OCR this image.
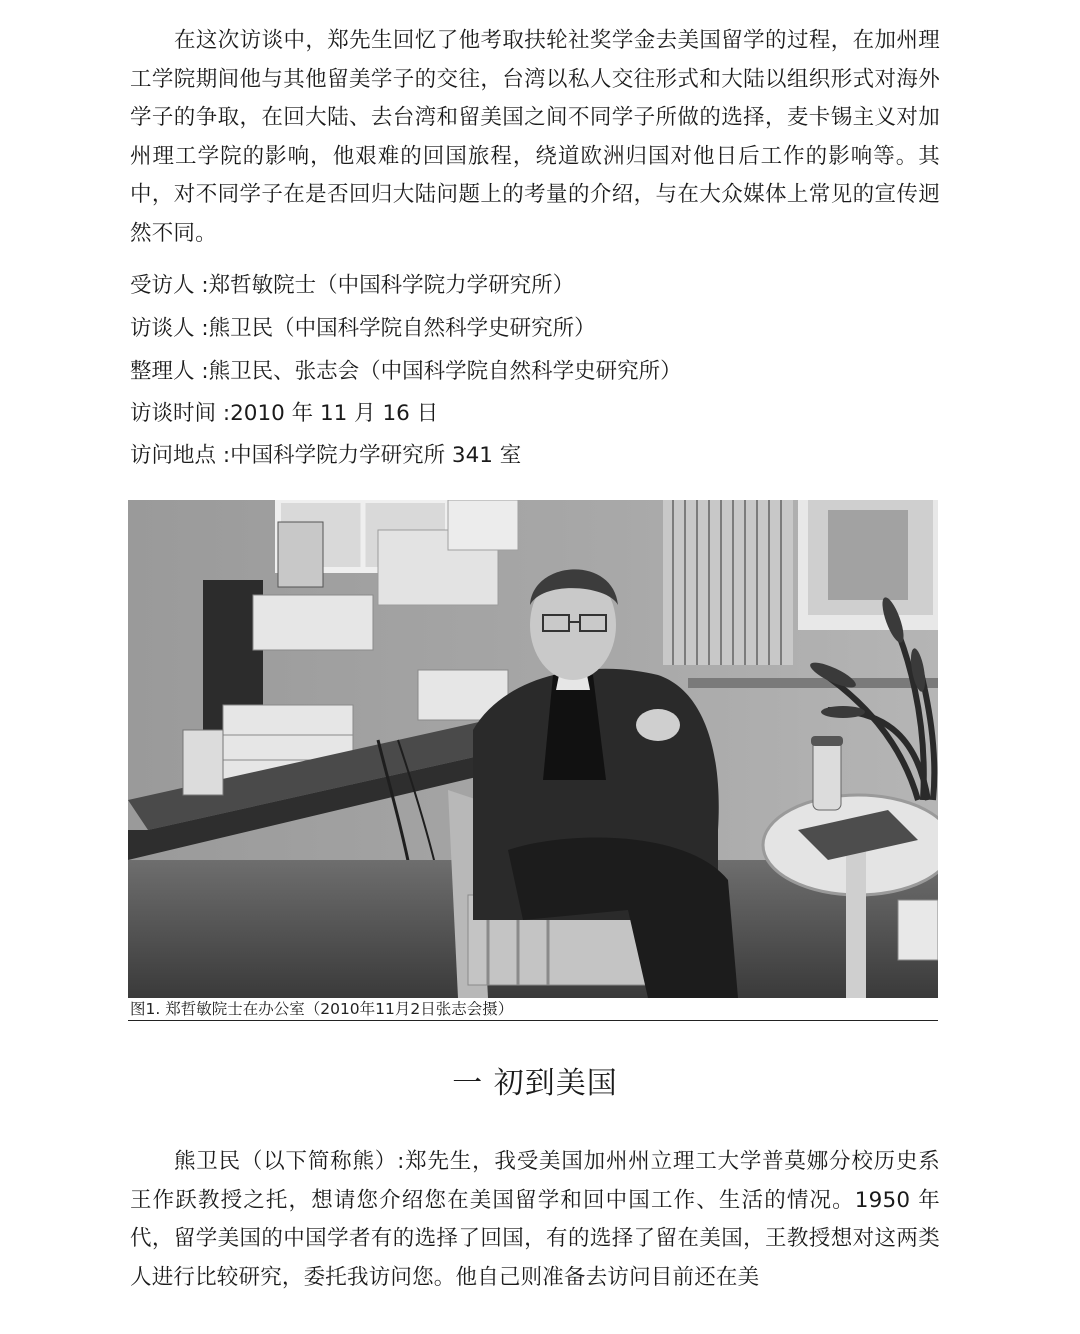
在这次访谈中，郑先生回忆了他考取扶轮社奖学金去美国留学的过程，在加州理工学院期间他与其他留美学子的交往，台湾以私人交往形式和大陆以组织形式对海外学子的争取，在回大陆、去台湾和留美国之间不同学子所做的选择，麦卡锡主义对加州理工学院的影响，他艰难的回国旅程，绕道欧洲归国对他日后工作的影响等。其中，对不同学子在是否回归大陆问题上的考量的介绍，与在大众媒体上常见的宣传迥然不同。

受访人 :郑哲敏院士（中国科学院力学研究所）
访谈人 :熊卫民（中国科学院自然科学史研究所）
整理人 :熊卫民、张志会（中国科学院自然科学史研究所）
访谈时间 :2010 年 11 月 16 日
访问地点 :中国科学院力学研究所 341 室
图1. 郑哲敏院士在办公室（2010年11月2日张志会摄）
一 初到美国

熊卫民（以下简称熊）:郑先生，我受美国加州州立理工大学普莫娜分校历史系王作跃教授之托，想请您介绍您在美国留学和回中国工作、生活的情况。1950 年代，留学美国的中国学者有的选择了回国，有的选择了留在美国，王教授想对这两类人进行比较研究，委托我访问您。他自己则准备去访问目前还在美
